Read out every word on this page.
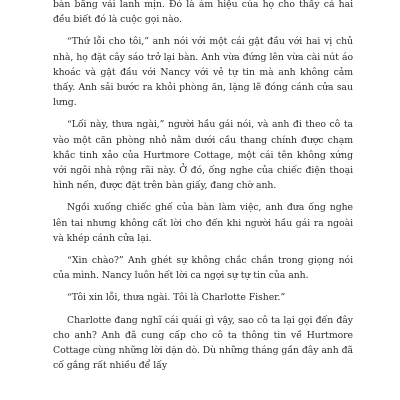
bàn bằng vải lanh mịn. Đó là ám hiệu của họ cho thấy cả hai đều biết đó là cuộc gọi nào.

“Thứ lỗi cho tôi,” anh nói với một cái gật đầu với hai vị chủ nhà, họ đặt cây sáo trở lại bàn. Anh vừa đứng lên vừa cài nút áo khoác và gật đầu với Nancy với vẻ tự tin mà anh không cảm thấy. Anh sải bước ra khỏi phòng ăn, lặng lẽ đóng cánh cửa sau lưng.

“Lối này, thưa ngài,” người hầu gái nói, và anh đi theo cô ta vào một căn phòng nhỏ nằm dưới cầu thang chính được chạm khắc tinh xảo của Hurtmore Cottage, một cái tên không xứng với ngôi nhà rộng rãi này. Ở đó, ống nghe của chiếc điện thoại hình nến, được đặt trên bàn giấy, đang chờ anh.

Ngồi xuống chiếc ghế của bàn làm việc, anh đưa ống nghe lên tai nhưng không cất lời cho đến khi người hầu gái ra ngoài và khép cánh cửa lại.

“Xin chào?” Anh ghét sự không chắc chắn trong giọng nói của mình. Nancy luôn hết lời ca ngợi sự tự tin của anh.

“Tôi xin lỗi, thưa ngài. Tôi là Charlotte Fisher.”

Charlotte đang nghĩ cái quái gì vậy, sao cô ta lại gọi đến đây cho anh? Anh đã cung cấp cho cô ta thông tin về Hurtmore Cottage cùng những lời dặn dò. Dù những tháng gần đây anh đã cố gắng rất nhiều để lấy
